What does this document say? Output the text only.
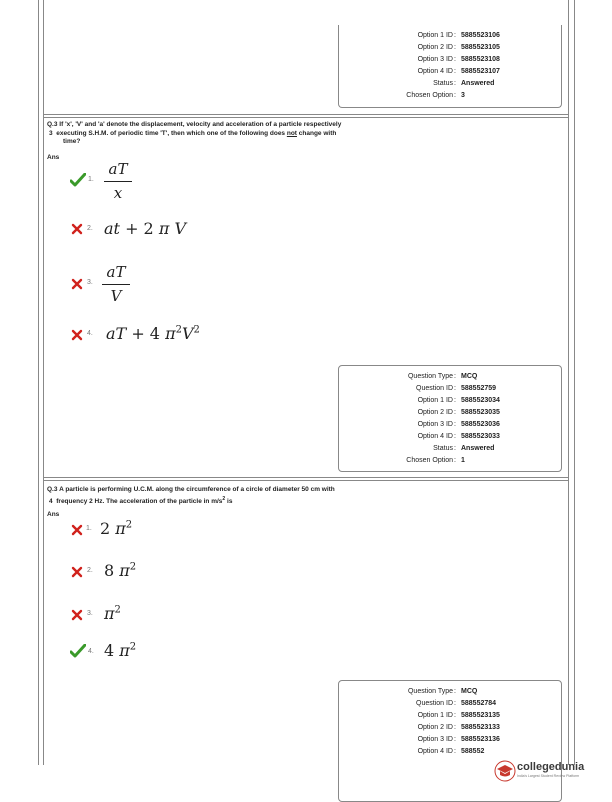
Option 1 ID : 5885523106
Option 2 ID : 5885523105
Option 3 ID : 5885523108
Option 4 ID : 5885523107
Status : Answered
Chosen Option : 3
Q.3 If 'x', 'V' and 'a' denote the displacement, velocity and acceleration of a particle respectively
3 executing S.H.M. of periodic time 'T', then which one of the following does not change with
time?
Ans
1.
aT
x
2. at + 2 π V
3.
aT
V
4. aT + 4 $\pi^2V^2$
Question Type : MCQ
Question ID : 588552759
Option 1 ID : 5885523034
Option 2 ID : 5885523035
Option 3 ID : 5885523036
Option 4 ID : 5885523033
Status : Answered
Chosen Option : 1
Q.3 A particle is performing U.C.M. along the circumference of a circle of diameter 50 cm with
4 frequency 2 Hz. The acceleration of the particle in $m/s^2$ is
Ans
1. 2 $\pi^2$
2. 8 $\pi^2$
3. $\pi^2$
4. 4 $\pi^2$
Question Type : MCQ
Question ID : 588552784
Option 1 ID : 5885523135
Option 2 ID : 5885523133
Option 3 ID : 5885523136
Option 4 ID : 588552
collegedunia
India's Largest Student Review Platform
